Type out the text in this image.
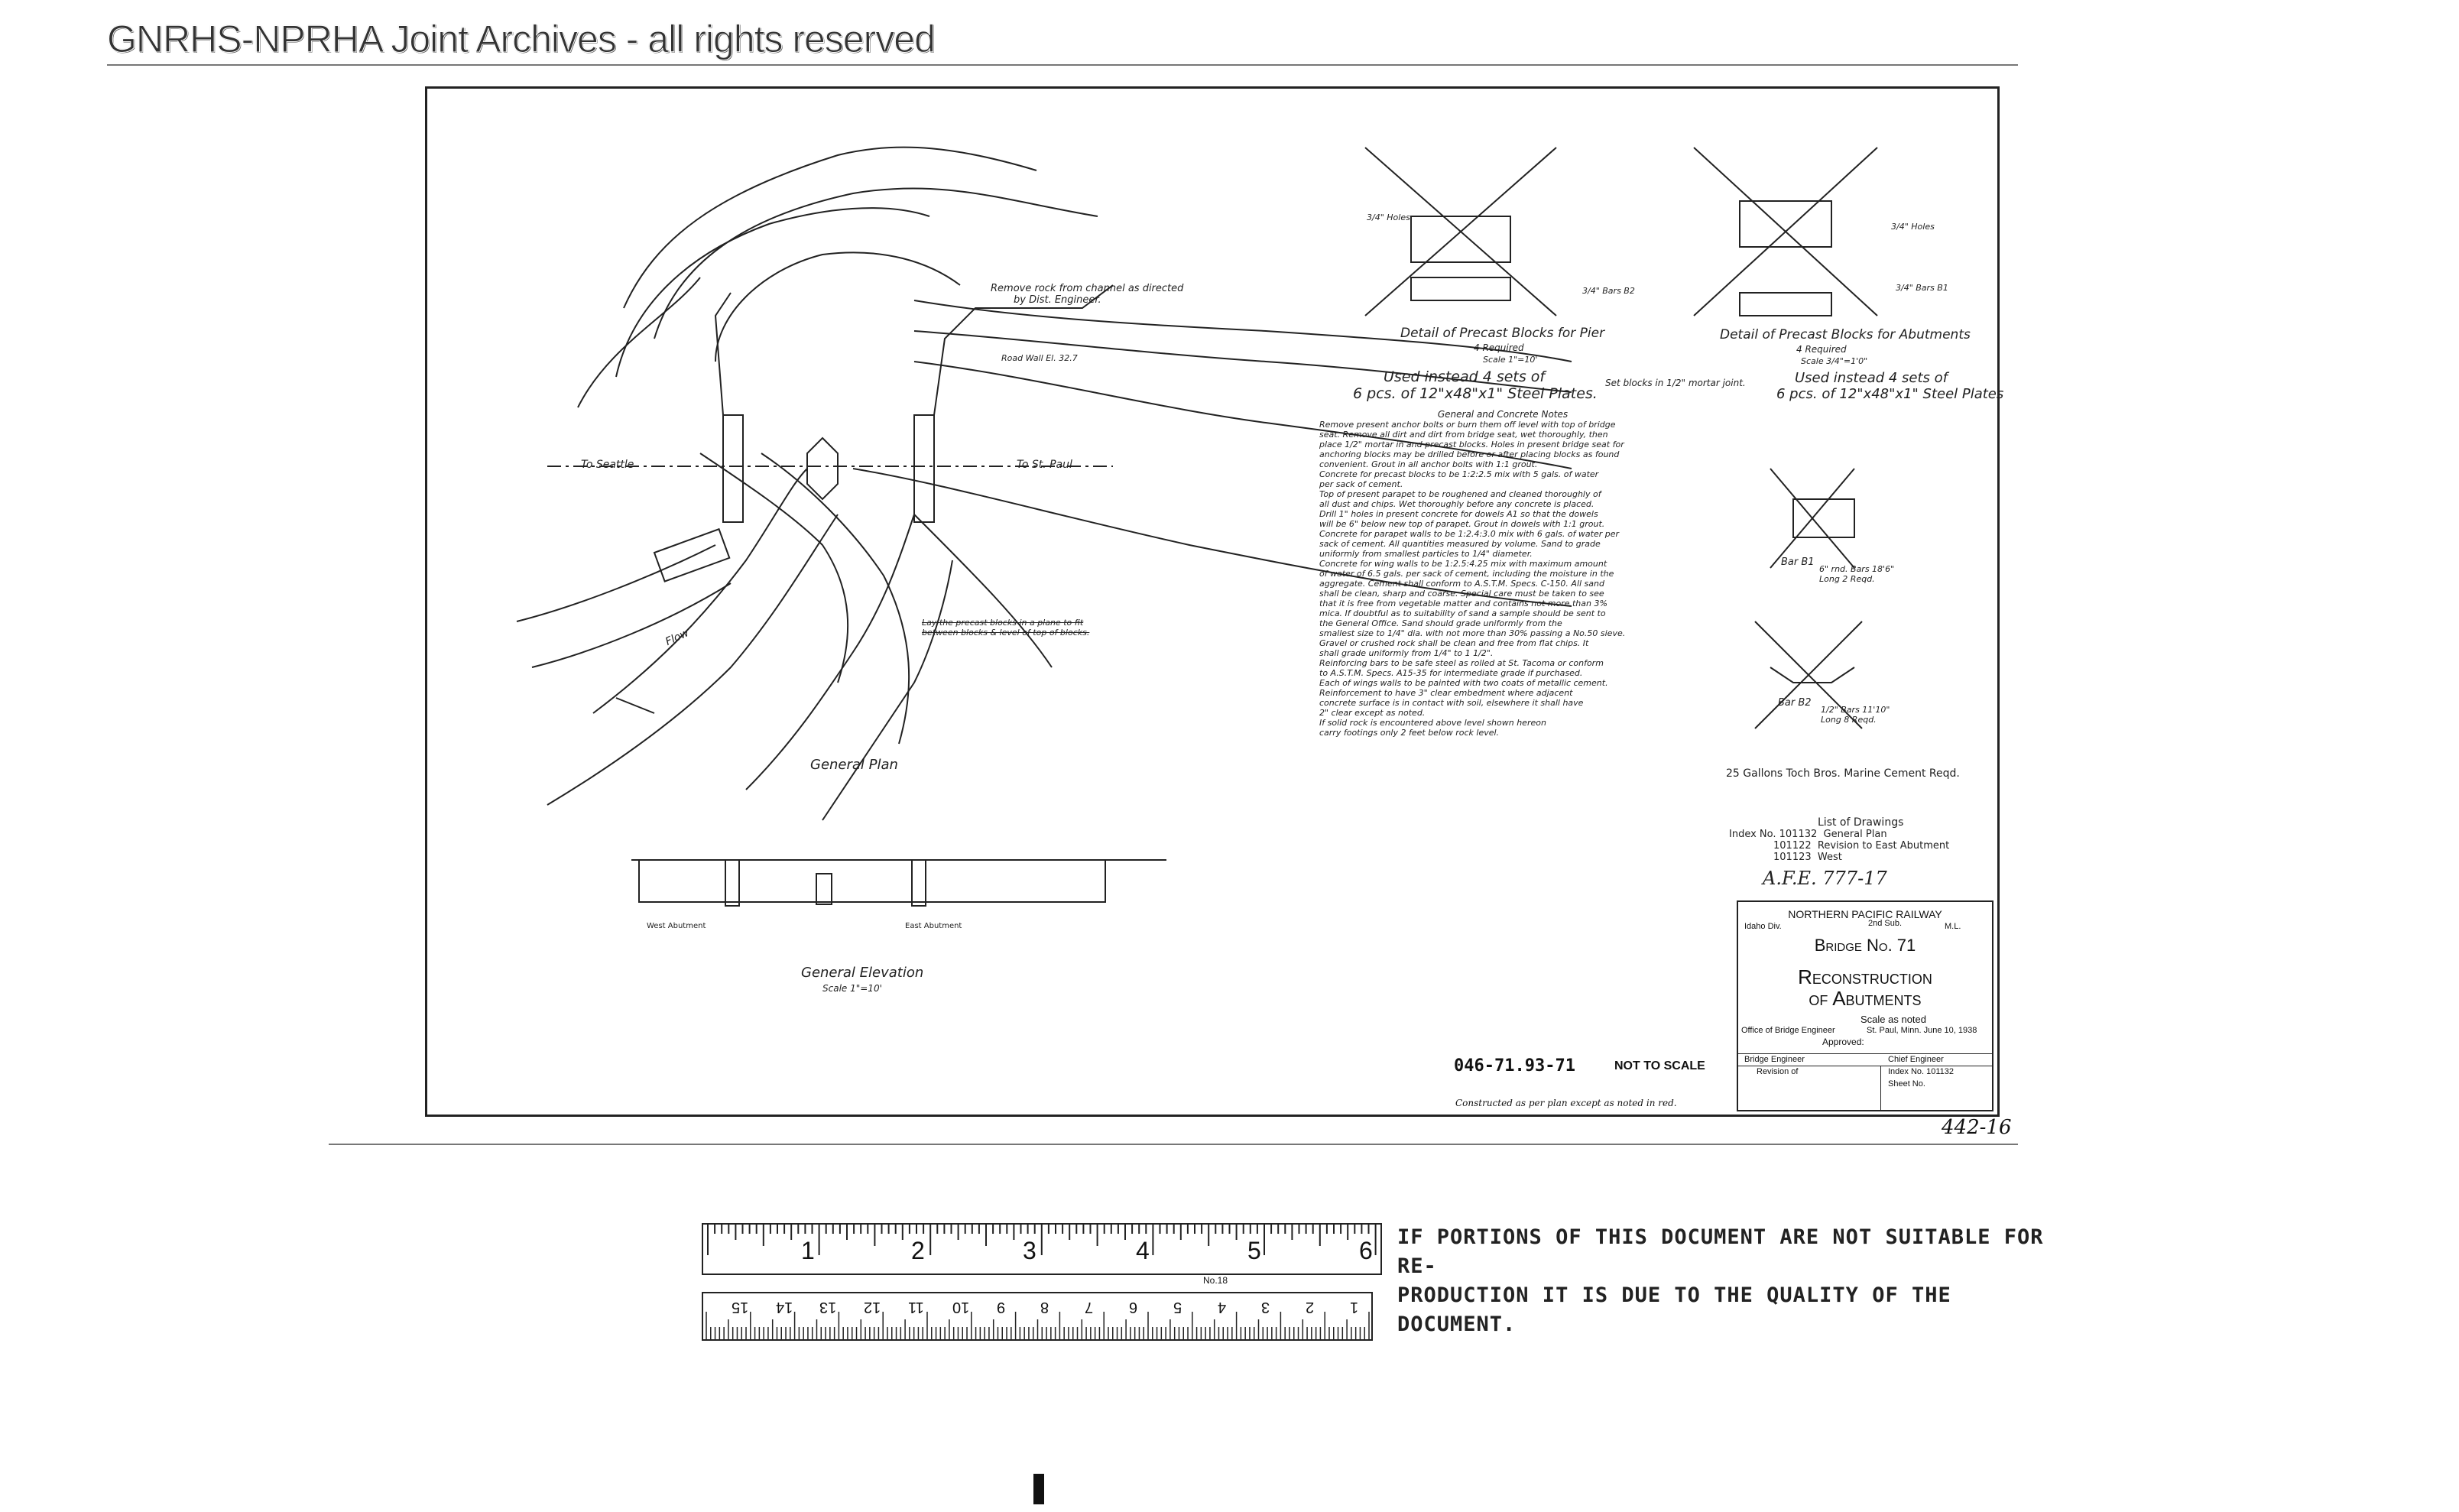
GNRHS-NPRHA Joint Archives - all rights reserved
General Plan
To Seattle	To St. Paul
Flow
Remove rock from channel as directed
by Dist. Engineer.
Road Wall El. 32.7
Lay the precast blocks in a plane to fit
between blocks & level of top of blocks.
General Elevation
Scale 1"=10'
West Abutment	East Abutment
Detail of Precast Blocks for Pier
4 Required
Scale 1"=10'
3/4" Holes
3/4" Bars B2
Used instead 4 sets of
6 pcs. of 12"x48"x1" Steel Plates.
Detail of Precast Blocks for Abutments
4 Required
Scale 3/4"=1'0"
3/4" Holes
3/4" Bars B1
Set blocks in 1/2" mortar joint.	Used instead 4 sets of
6 pcs. of 12"x48"x1" Steel Plates
General and Concrete Notes
Remove present anchor bolts or burn them off level with top of bridge
seat. Remove all dirt and dirt from bridge seat, wet thoroughly, then
place 1/2" mortar in and precast blocks. Holes in present bridge seat for
anchoring blocks may be drilled before or after placing blocks as found
convenient. Grout in all anchor bolts with 1:1 grout.
Concrete for precast blocks to be 1:2:2.5 mix with 5 gals. of water
per sack of cement.
Top of present parapet to be roughened and cleaned thoroughly of
all dust and chips. Wet thoroughly before any concrete is placed.
Drill 1" holes in present concrete for dowels A1 so that the dowels
will be 6" below new top of parapet. Grout in dowels with 1:1 grout.
Concrete for parapet walls to be 1:2.4:3.0 mix with 6 gals. of water per
sack of cement. All quantities measured by volume. Sand to grade
uniformly from smallest particles to 1/4" diameter.
Concrete for wing walls to be 1:2.5:4.25 mix with maximum amount
of water of 6.5 gals. per sack of cement, including the moisture in the
aggregate. Cement shall conform to A.S.T.M. Specs. C-150. All sand
shall be clean, sharp and coarse. Special care must be taken to see
that it is free from vegetable matter and contains not more than 3%
mica. If doubtful as to suitability of sand a sample should be sent to
the General Office. Sand should grade uniformly from the
smallest size to 1/4" dia. with not more than 30% passing a No.50 sieve.
Gravel or crushed rock shall be clean and free from flat chips. It
shall grade uniformly from 1/4" to 1 1/2".
Reinforcing bars to be safe steel as rolled at St. Tacoma or conform
to A.S.T.M. Specs. A15-35 for intermediate grade if purchased.
Each of wings walls to be painted with two coats of metallic cement.
Reinforcement to have 3" clear embedment where adjacent
concrete surface is in contact with soil, elsewhere it shall have
2" clear except as noted.
If solid rock is encountered above level shown hereon
carry footings only 2 feet below rock level.
Bar B1
6" rnd. Bars 18'6" Long 2 Reqd.
Bar B2
1/2" Bars 11'10" Long 8 Reqd.
25 Gallons Toch Bros. Marine Cement Reqd.
List of Drawings
Index No. 101132 General Plan
101122 Revision to East Abutment
101123 West
A.F.E. 777-17
NORTHERN PACIFIC RAILWAY
Idaho Div.	2nd Sub.	M.L.
Bridge No. 71
Reconstruction
of Abutments
Scale as noted
Office of Bridge Engineer	St. Paul, Minn. June 10, 1938
Approved:
Bridge Engineer	Chief Engineer
Revision of	Index No. 101132
Sheet No.
046-71.93-71	NOT TO SCALE
Constructed as per plan except as noted in red.
442-16
1	2	3	4	5	6
No.18
1
2
3
4
5
6
7
8
9
10
11
12
13
14
15
IF PORTIONS OF THIS DOCUMENT ARE NOT SUITABLE FOR RE-
PRODUCTION IT IS DUE TO THE QUALITY OF THE DOCUMENT.
